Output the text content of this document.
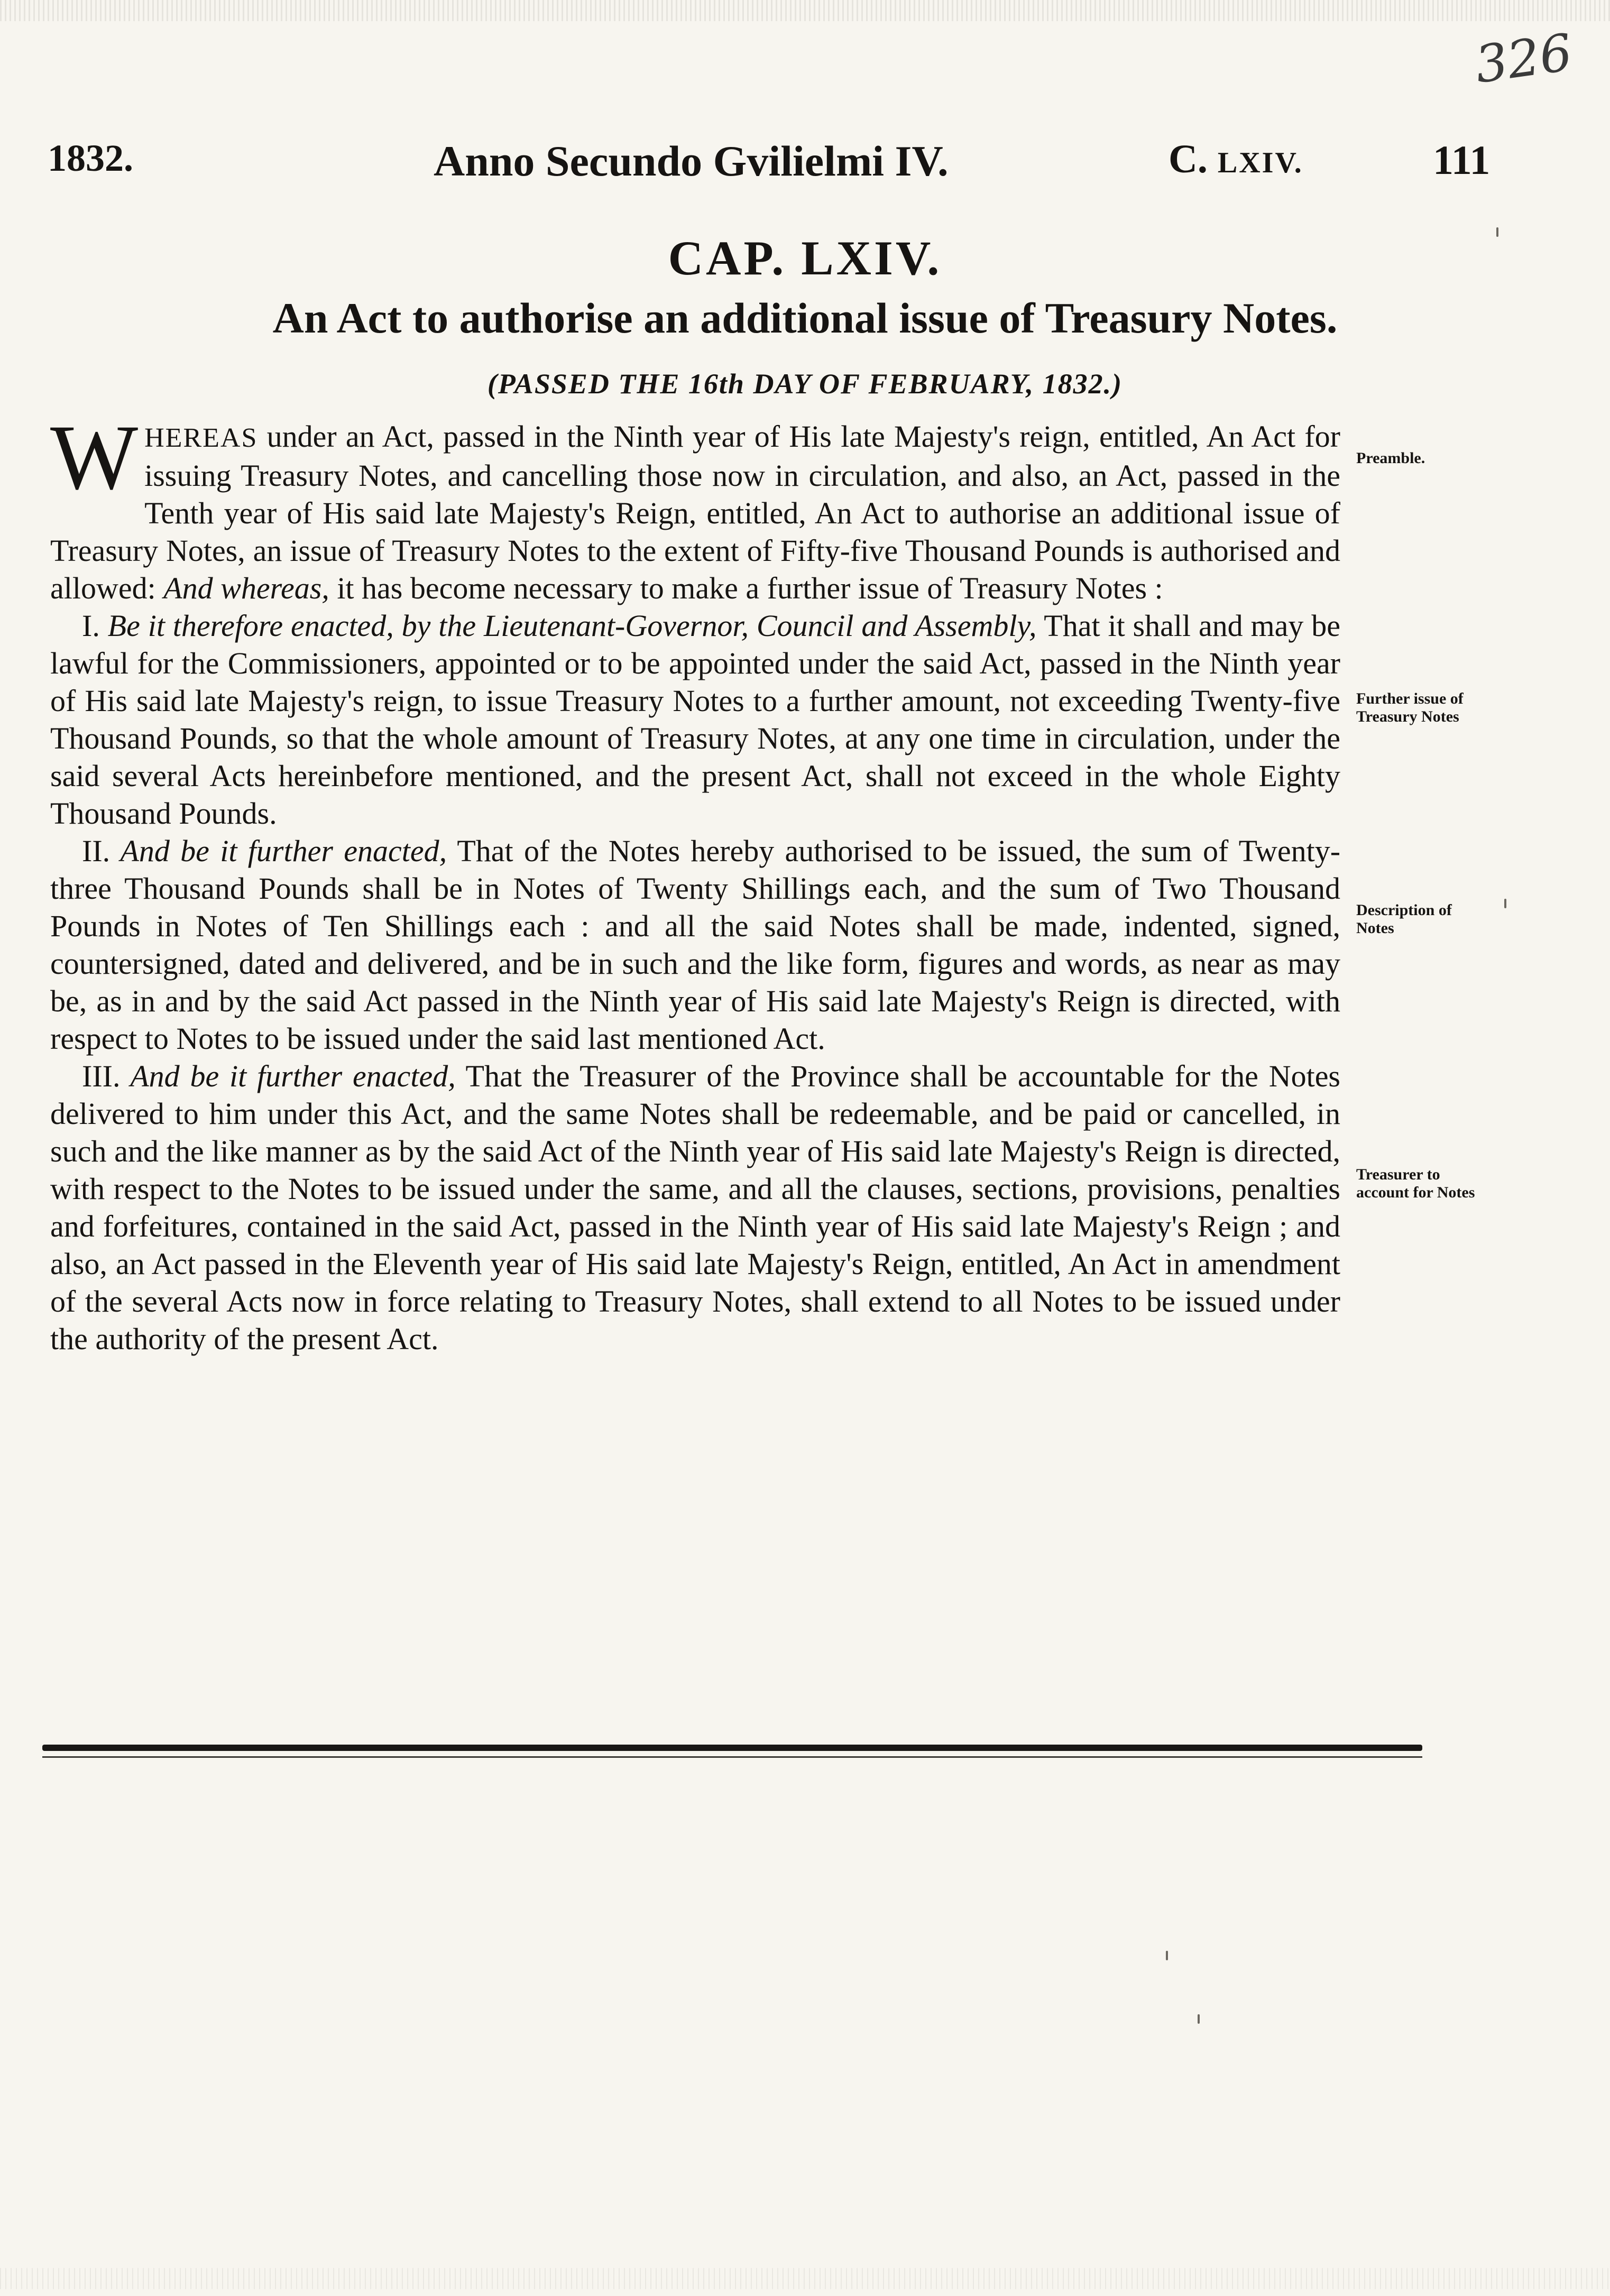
326
1832.	Anno Secundo Gvilielmi IV.	C. LXIV.	111
CAP. LXIV.
An Act to authorise an additional issue of Treasury Notes.
(PASSED THE 16th DAY OF FEBRUARY, 1832.)

WHEREAS under an Act, passed in the Ninth year of His late Majesty's reign, entitled, An Act for issuing Treasury Notes, and cancelling those now in circulation, and also, an Act, passed in the Tenth year of His said late Majesty's Reign, entitled, An Act to authorise an additional issue of Treasury Notes, an issue of Treasury Notes to the extent of Fifty-five Thousand Pounds is authorised and allowed: And whereas, it has become necessary to make a further issue of Treasury Notes :

I. Be it therefore enacted, by the Lieutenant-Governor, Council and Assembly, That it shall and may be lawful for the Commissioners, appointed or to be appointed under the said Act, passed in the Ninth year of His said late Majesty's reign, to issue Treasury Notes to a further amount, not exceeding Twenty-five Thousand Pounds, so that the whole amount of Treasury Notes, at any one time in circulation, under the said several Acts hereinbefore mentioned, and the present Act, shall not exceed in the whole Eighty Thousand Pounds.

II. And be it further enacted, That of the Notes hereby authorised to be issued, the sum of Twenty-three Thousand Pounds shall be in Notes of Twenty Shillings each, and the sum of Two Thousand Pounds in Notes of Ten Shillings each : and all the said Notes shall be made, indented, signed, countersigned, dated and delivered, and be in such and the like form, figures and words, as near as may be, as in and by the said Act passed in the Ninth year of His said late Majesty's Reign is directed, with respect to Notes to be issued under the said last mentioned Act.

III. And be it further enacted, That the Treasurer of the Province shall be accountable for the Notes delivered to him under this Act, and the same Notes shall be redeemable, and be paid or cancelled, in such and the like manner as by the said Act of the Ninth year of His said late Majesty's Reign is directed, with respect to the Notes to be issued under the same, and all the clauses, sections, provisions, penalties and forfeitures, contained in the said Act, passed in the Ninth year of His said late Majesty's Reign ; and also, an Act passed in the Eleventh year of His said late Majesty's Reign, entitled, An Act in amendment of the several Acts now in force relating to Treasury Notes, shall extend to all Notes to be issued under the authority of the present Act.

Preamble.
Further issue of Treasury Notes
Description of Notes
Treasurer to account for Notes
